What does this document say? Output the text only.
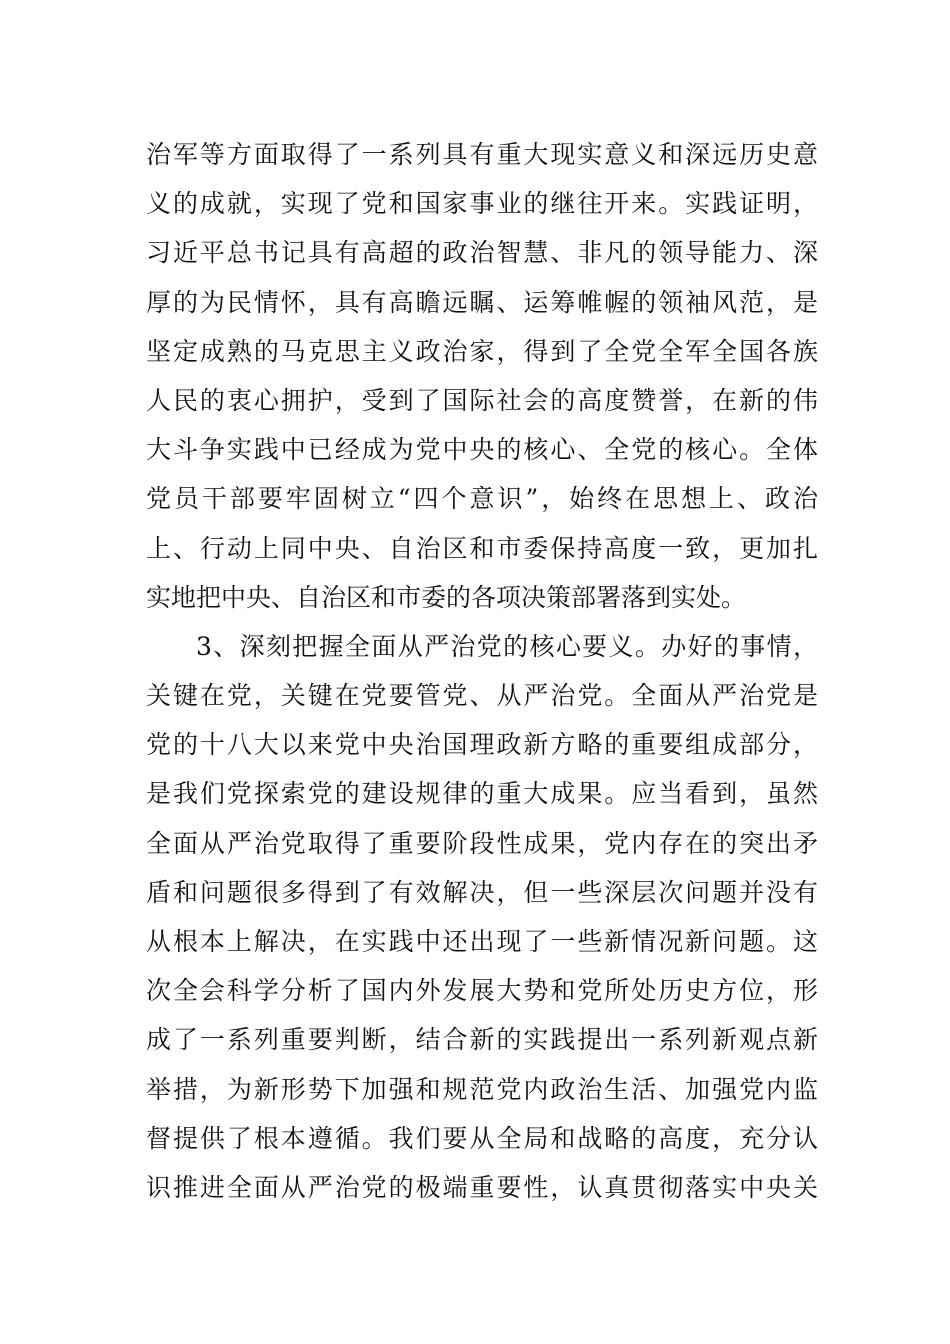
治军等方面取得了一系列具有重大现实意义和深远历史意
义的成就，实现了党和国家事业的继往开来。实践证明，
习近平总书记具有高超的政治智慧、非凡的领导能力、深
厚的为民情怀，具有高瞻远瞩、运筹帷幄的领袖风范，是
坚定成熟的马克思主义政治家，得到了全党全军全国各族
人民的衷心拥护，受到了国际社会的高度赞誉，在新的伟
大斗争实践中已经成为党中央的核心、全党的核心。全体
党员干部要牢固树立“四个意识”，始终在思想上、政治
上、行动上同中央、自治区和市委保持高度一致，更加扎
实地把中央、自治区和市委的各项决策部署落到实处。
3、深刻把握全面从严治党的核心要义。办好的事情，
关键在党，关键在党要管党、从严治党。全面从严治党是
党的十八大以来党中央治国理政新方略的重要组成部分，
是我们党探索党的建设规律的重大成果。应当看到，虽然
全面从严治党取得了重要阶段性成果，党内存在的突出矛
盾和问题很多得到了有效解决，但一些深层次问题并没有
从根本上解决，在实践中还出现了一些新情况新问题。这
次全会科学分析了国内外发展大势和党所处历史方位，形
成了一系列重要判断，结合新的实践提出一系列新观点新
举措，为新形势下加强和规范党内政治生活、加强党内监
督提供了根本遵循。我们要从全局和战略的高度，充分认
识推进全面从严治党的极端重要性，认真贯彻落实中央关
